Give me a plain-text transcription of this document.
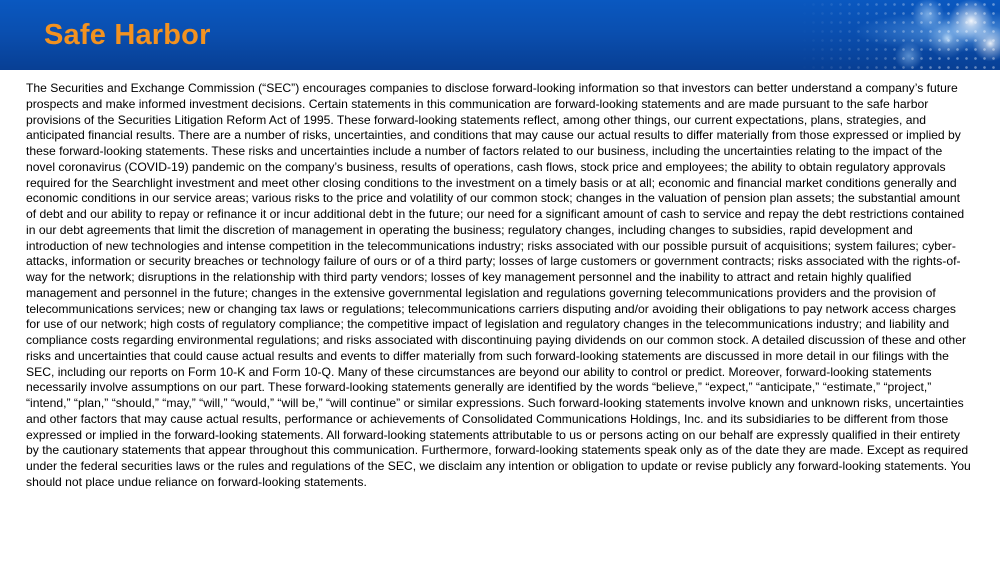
Safe Harbor

The Securities and Exchange Commission (“SEC”) encourages companies to disclose forward-looking information so that investors can better understand a company’s future prospects and make informed investment decisions. Certain statements in this communication are forward-looking statements and are made pursuant to the safe harbor provisions of the Securities Litigation Reform Act of 1995. These forward-looking statements reflect, among other things, our current expectations, plans, strategies, and anticipated financial results. There are a number of risks, uncertainties, and conditions that may cause our actual results to differ materially from those expressed or implied by these forward-looking statements. These risks and uncertainties include a number of factors related to our business, including the uncertainties relating to the impact of the novel coronavirus (COVID-19) pandemic on the company’s business, results of operations, cash flows, stock price and employees; the ability to obtain regulatory approvals required for the Searchlight investment and meet other closing conditions to the investment on a timely basis or at all; economic and financial market conditions generally and economic conditions in our service areas; various risks to the price and volatility of our common stock; changes in the valuation of pension plan assets; the substantial amount of debt and our ability to repay or refinance it or incur additional debt in the future; our need for a significant amount of cash to service and repay the debt restrictions contained in our debt agreements that limit the discretion of management in operating the business; regulatory changes, including changes to subsidies, rapid development and introduction of new technologies and intense competition in the telecommunications industry; risks associated with our possible pursuit of acquisitions; system failures; cyber-attacks, information or security breaches or technology failure of ours or of a third party; losses of large customers or government contracts; risks associated with the rights-of-way for the network; disruptions in the relationship with third party vendors; losses of key management personnel and the inability to attract and retain highly qualified management and personnel in the future; changes in the extensive governmental legislation and regulations governing telecommunications providers and the provision of telecommunications services; new or changing tax laws or regulations; telecommunications carriers disputing and/or avoiding their obligations to pay network access charges for use of our network; high costs of regulatory compliance; the competitive impact of legislation and regulatory changes in the telecommunications industry; and liability and compliance costs regarding environmental regulations; and risks associated with discontinuing paying dividends on our common stock. A detailed discussion of these and other risks and uncertainties that could cause actual results and events to differ materially from such forward-looking statements are discussed in more detail in our filings with the SEC, including our reports on Form 10-K and Form 10-Q. Many of these circumstances are beyond our ability to control or predict. Moreover, forward-looking statements necessarily involve assumptions on our part. These forward-looking statements generally are identified by the words “believe,” “expect,” “anticipate,” “estimate,” “project,” “intend,” “plan,” “should,” “may,” “will,” “would,” “will be,” “will continue” or similar expressions. Such forward-looking statements involve known and unknown risks, uncertainties and other factors that may cause actual results, performance or achievements of Consolidated Communications Holdings, Inc. and its subsidiaries to be different from those expressed or implied in the forward-looking statements. All forward-looking statements attributable to us or persons acting on our behalf are expressly qualified in their entirety by the cautionary statements that appear throughout this communication. Furthermore, forward-looking statements speak only as of the date they are made. Except as required under the federal securities laws or the rules and regulations of the SEC, we disclaim any intention or obligation to update or revise publicly any forward-looking statements. You should not place undue reliance on forward-looking statements.
